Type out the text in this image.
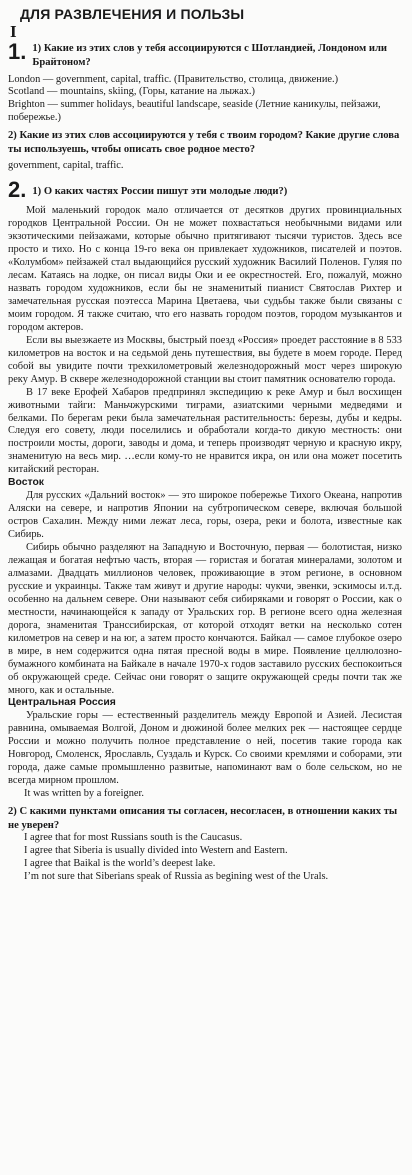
ДЛЯ РАЗВЛЕЧЕНИЯ И ПОЛЬЗЫ
I
1. 1) Какие из этих слов у тебя ассоциируются с Шотландией, Лондоном или Брайтоном?

London — government, capital, traffic. (Правительство, столица, движение.)

Scotland — mountains, skiing, (Горы, катание на лыжах.)

Brighton — summer holidays, beautiful landscape, seaside (Летние каникулы, пейзажи, побережье.)

2) Какие из этих слов ассоциируются у тебя с твоим городом? Какие другие слова ты используешь, чтобы описать свое родное место?

government, capital, traffic.

2. 1) О каких частях России пишут эти молодые люди?)

Мой маленький городок мало отличается от десятков других провинциальных городков Центральной России. Он не может похвастаться необычными видами или экзотическими пейзажами, которые обычно притягивают тысячи туристов. Здесь все просто и тихо. Но с конца 19-го века он привлекает художников, писателей и поэтов. «Колумбом» пейзажей стал выдающийся русский художник Василий Поленов. Гуляя по лесам. Катаясь на лодке, он писал виды Оки и ее окрестностей. Его, пожалуй, можно назвать городом художников, если бы не знаменитый пианист Святослав Рихтер и замечательная русская поэтесса Марина Цветаева, чьи судьбы также были связаны с моим городом. Я также считаю, что его назвать городом поэтов, городом музыкантов и городом актеров.

Если вы выезжаете из Москвы, быстрый поезд «Россия» проедет расстояние в 8 533 километров на восток и на седьмой день путешествия, вы будете в моем городе. Перед собой вы увидите почти трехкилометровый железнодорожный мост через широкую реку Амур. В сквере железнодорожной станции вы стоит памятник основателю города.

В 17 веке Ерофей Хабаров предпринял экспедицию к реке Амур и был восхищен животными тайги: Маньчжурскими тиграми, азиатскими черными медведями и белками. По берегам реки была замечательная растительность: березы, дубы и кедры. Следуя его совету, люди поселились и обработали когда-то дикую местность: они построили мосты, дороги, заводы и дома, и теперь производят черную и красную икру, знаменитую на весь мир. …если кому-то не нравится икра, он или она может посетить китайский ресторан.

Восток

Для русских «Дальний восток» — это широкое побережье Тихого Океана, напротив Аляски на севере, и напротив Японии на субтропическом севере, включая большой остров Сахалин. Между ними лежат леса, горы, озера, реки и болота, известные как Сибирь.

Сибирь обычно разделяют на Западную и Восточную, первая — болотистая, низко лежащая и богатая нефтью часть, вторая — гористая и богатая минералами, золотом и алмазами. Двадцать миллионов человек, проживающие в этом регионе, в основном русские и украинцы. Также там живут и другие народы: чукчи, эвенки, эскимосы и.т.д. особенно на дальнем севере. Они называют себя сибиряками и говорят о России, как о местности, начинающейся к западу от Уральских гор. В регионе всего одна железная дорога, знаменитая Транссибирская, от которой отходят ветки на несколько сотен километров на север и на юг, а затем просто кончаются. Байкал — самое глубокое озеро в мире, в нем содержится одна пятая пресной воды в мире. Появление целлюлозно-бумажного комбината на Байкале в начале 1970-х годов заставило русских беспокоиться об окружающей среде. Сейчас они говорят о защите окружающей среды почти так же много, как и остальные.

Центральная Россия

Уральские горы — естественный разделитель между Европой и Азией. Лесистая равнина, омываемая Волгой, Доном и дюжиной более мелких рек — настоящее сердце России и можно получить полное представление о ней, посетив такие города как Новгород, Смоленск, Ярославль, Суздаль и Курск. Со своими кремлями и соборами, эти города, даже самые промышленно развитые, напоминают вам о боле сельском, но не всегда мирном прошлом.

It was written by a foreigner.

2) С какими пунктами описания ты согласен, несогласен, в отношении каких ты не уверен?

I agree that for most Russians south is the Caucasus.

I agree that Siberia is usually divided into Western and Eastern.

I agree that Baikal is the world’s deepest lake.

I’m not sure that Siberians speak of Russia as begining west of the Urals.
